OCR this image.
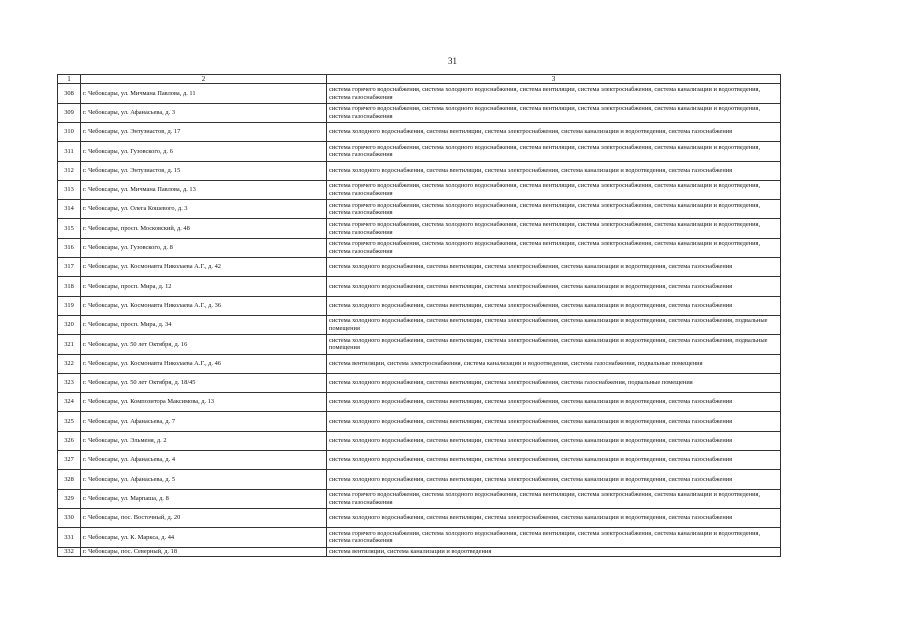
31
1	2	3
308	г. Чебоксары, ул. Мичмана Павлова, д. 11	система горячего водоснабжения, система холодного водоснабжения, система вентиляции, система электроснабжения, система канализации и водоотведения, система газоснабжения
309	г. Чебоксары, ул. Афанасьева, д. 3	система горячего водоснабжения, система холодного водоснабжения, система вентиляции, система электроснабжения, система канализации и водоотведения, система газоснабжения
310	г. Чебоксары, ул. Энтузиастов, д. 17	система холодного водоснабжения, система вентиляции, система электроснабжения, система канализации и водоотведения, система газоснабжения
311	г. Чебоксары, ул. Гузовского, д. 6	система горячего водоснабжения, система холодного водоснабжения, система вентиляции, система электроснабжения, система канализации и водоотведения, система газоснабжения
312	г. Чебоксары, ул. Энтузиастов, д. 15	система холодного водоснабжения, система вентиляции, система электроснабжения, система канализации и водоотведения, система газоснабжения
313	г. Чебоксары, ул. Мичмана Павлова, д. 13	система горячего водоснабжения, система холодного водоснабжения, система вентиляции, система электроснабжения, система канализации и водоотведения, система газоснабжения
314	г. Чебоксары, ул. Олега Кошевого, д. 3	система горячего водоснабжения, система холодного водоснабжения, система вентиляции, система электроснабжения, система канализации и водоотведения, система газоснабжения
315	г. Чебоксары, просп. Московский, д. 48	система горячего водоснабжения, система холодного водоснабжения, система вентиляции, система электроснабжения, система канализации и водоотведения, система газоснабжения
316	г. Чебоксары, ул. Гузовского, д. 8	система горячего водоснабжения, система холодного водоснабжения, система вентиляции, система электроснабжения, система канализации и водоотведения, система газоснабжения
317	г. Чебоксары, ул. Космонавта Николаева А.Г., д. 42	система холодного водоснабжения, система вентиляции, система электроснабжения, система канализации и водоотведения, система газоснабжения
318	г. Чебоксары, просп. Мира, д. 12	система холодного водоснабжения, система вентиляции, система электроснабжения, система канализации и водоотведения, система газоснабжения
319	г. Чебоксары, ул. Космонавта Николаева А.Г., д. 36	система холодного водоснабжения, система вентиляции, система электроснабжения, система канализации и водоотведения, система газоснабжения
320	г. Чебоксары, просп. Мира, д. 34	система холодного водоснабжения, система вентиляции, система электроснабжения, система канализации и водоотведения, система газоснабжения, подвальные помещения
321	г. Чебоксары, ул. 50 лет Октября, д. 16	система холодного водоснабжения, система вентиляции, система электроснабжения, система канализации и водоотведения, система газоснабжения, подвальные помещения
322	г. Чебоксары, ул. Космонавта Николаева А.Г., д. 46	система вентиляции, система электроснабжения, система канализации и водоотведения, система газоснабжения, подвальные помещения
323	г. Чебоксары, ул. 50 лет Октября, д. 18/45	система холодного водоснабжения, система вентиляции, система электроснабжения, система газоснабжения, подвальные помещения
324	г. Чебоксары, ул. Композитора Максимова, д. 13	система холодного водоснабжения, система вентиляции, система электроснабжения, система канализации и водоотведения, система газоснабжения
325	г. Чебоксары, ул. Афанасьева, д. 7	система холодного водоснабжения, система вентиляции, система электроснабжения, система канализации и водоотведения, система газоснабжения
326	г. Чебоксары, ул. Эльменя, д. 2	система холодного водоснабжения, система вентиляции, система электроснабжения, система канализации и водоотведения, система газоснабжения
327	г. Чебоксары, ул. Афанасьева, д. 4	система холодного водоснабжения, система вентиляции, система электроснабжения, система канализации и водоотведения, система газоснабжения
328	г. Чебоксары, ул. Афанасьева, д. 5	система холодного водоснабжения, система вентиляции, система электроснабжения, система канализации и водоотведения, система газоснабжения
329	г. Чебоксары, ул. Марпаша, д. 8	система горячего водоснабжения, система холодного водоснабжения, система вентиляции, система электроснабжения, система канализации и водоотведения, система газоснабжения
330	г. Чебоксары, пос. Восточный, д. 20	система холодного водоснабжения, система вентиляции, система электроснабжения, система канализации и водоотведения, система газоснабжения
331	г. Чебоксары, ул. К. Маркса, д. 44	система горячего водоснабжения, система холодного водоснабжения, система вентиляции, система электроснабжения, система канализации и водоотведения, система газоснабжения
332	г. Чебоксары, пос. Северный, д. 18	система вентиляции, система канализации и водоотведения
